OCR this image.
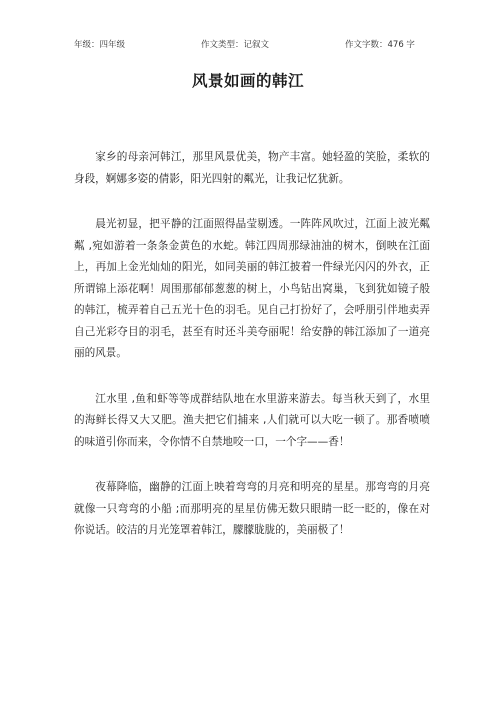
年级：四年级	作文类型：记叙文	作文字数：476 字
风景如画的韩江

家乡的母亲河韩江，那里风景优美，物产丰富。她轻盈的笑脸，柔软的身段，婀娜多姿的倩影，阳光四射的粼光，让我记忆犹新。

晨光初显，把平静的江面照得晶莹剔透。一阵阵风吹过，江面上波光粼粼 ,宛如游着一条条金黄色的水蛇。韩江四周那绿油油的树木，倒映在江面上，再加上金光灿灿的阳光，如同美丽的韩江披着一件绿光闪闪的外衣，正所谓锦上添花啊！周围那郁郁葱葱的树上，小鸟钻出窝巢，飞到犹如镜子般的韩江，梳弄着自己五光十色的羽毛。见自己打扮好了，会呼朋引伴地卖弄自己光彩夺目的羽毛，甚至有时还斗美夸丽呢！给安静的韩江添加了一道亮丽的风景。

江水里 ,鱼和虾等等成群结队地在水里游来游去。每当秋天到了，水里的海鲜长得又大又肥。渔夫把它们捕来 ,人们就可以大吃一顿了。那香喷喷的味道引你而来，令你情不自禁地咬一口，一个字——香！

夜幕降临，幽静的江面上映着弯弯的月亮和明亮的星星。那弯弯的月亮就像一只弯弯的小船 ;而那明亮的星星仿佛无数只眼睛一眨一眨的，像在对你说话。皎洁的月光笼罩着韩江，朦朦胧胧的，美丽极了！
